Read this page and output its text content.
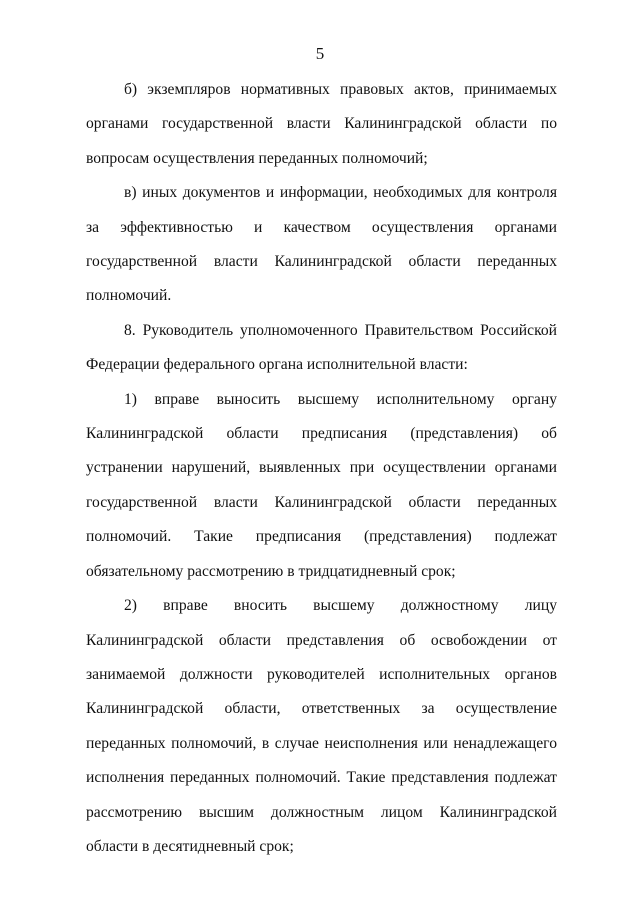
5

б) экземпляров нормативных правовых актов, принимаемых органами государственной власти Калининградской области по вопросам осуществления переданных полномочий;

в) иных документов и информации, необходимых для контроля за эффективностью и качеством осуществления органами государственной власти Калининградской области переданных полномочий.

8. Руководитель уполномоченного Правительством Российской Федерации федерального органа исполнительной власти:

1) вправе выносить высшему исполнительному органу Калининградской области предписания (представления) об устранении нарушений, выявленных при осуществлении органами государственной власти Калининградской области переданных полномочий. Такие предписания (представления) подлежат обязательному рассмотрению в тридцатидневный срок;

2) вправе вносить высшему должностному лицу Калининградской области представления об освобождении от занимаемой должности руководителей исполнительных органов Калининградской области, ответственных за осуществление переданных полномочий, в случае неисполнения или ненадлежащего исполнения переданных полномочий. Такие представления подлежат рассмотрению высшим должностным лицом Калининградской области в десятидневный срок;
